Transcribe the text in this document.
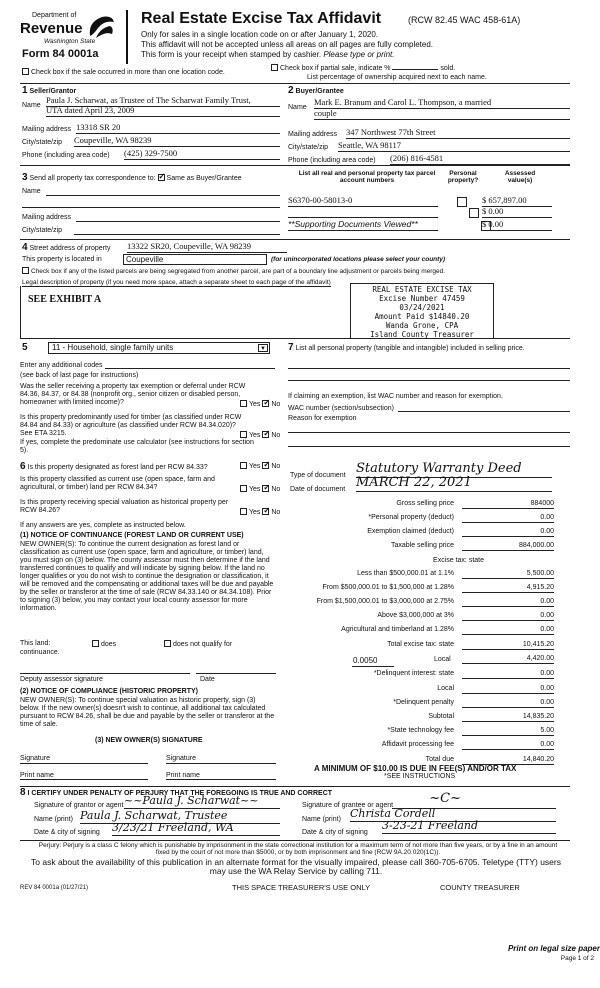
Department of
Revenue
Washington State
Form 84 0001a
Real Estate Excise Tax Affidavit	(RCW 82.45 WAC 458-61A)
Only for sales in a single location code on or after January 1, 2020.
This affidavit will not be accepted unless all areas on all pages are fully completed.
This form is your receipt when stamped by cashier. Please type or print.
Check box if the sale occurred in more than one location code.
Check box if partial sale, indicate %	sold.
List percentage of ownership acquired next to each name.
1 Seller/Grantor
Name
Paula J. Scharwat, as Trustee of The Scharwat Family Trust,
UTA dated April 23, 2009
Mailing address 13318 SR 20
City/state/zip Coupeville, WA 98239
Phone (including area code) (425) 329-7500
2 Buyer/Grantee
Name
Mark E. Branum and Carol L. Thompson, a married
couple
Mailing address 347 Northwest 77th Street
City/state/zip Seattle, WA 98117
Phone (including area code) (206) 816-4581
3 Send all property tax correspondence to: ✓ Same as Buyer/Grantee
Name
Mailing address
City/state/zip
List all real and personal property tax parcel account numbers
Personal property?
Assessed value(s)
S6370-00-58013-0	$ 657,897.00
$ 0.00
**Supporting Documents Viewed**	$ 0.00
4 Street address of property 13322 SR20, Coupeville, WA 98239
This property is located in	Coupeville	(for unincorporated locations please select your county)
Check box if any of the listed parcels are being segregated from another parcel, are part of a boundary line adjustment or parcels being merged.
Legal description of property (if you need more space, attach a separate sheet to each page of the affidavit)
SEE EXHIBIT A
REAL ESTATE EXCISE TAX
Excise Number 47459
03/24/2021
Amount Paid $14840.20
Wanda Grone, CPA
Island County Treasurer
5	11 - Household, single family units	▼
Enter any additional codes
(see back of last page for instructions)
Was the seller receiving a property tax exemption or deferral under RCW 84.36, 84.37, or 84.38 (nonprofit org., senior citizen or disabled person, homeowner with limited income)?	Yes ✓ No
Is this property predominantly used for timber (as classified under RCW 84.84 and 84.33) or agriculture (as classified under RCW 84.34.020)? See ETA 3215.	Yes ✓ No
If yes, complete the predominate use calculator (see instructions for section 5).
6 Is this property designated as forest land per RCW 84.33?	Yes ✓ No
Is this property classified as current use (open space, farm and agricultural, or timber) land per RCW 84.34?	Yes ✓ No
Is this property receiving special valuation as historical property per RCW 84.26?	Yes ✓ No
If any answers are yes, complete as instructed below.
(1) NOTICE OF CONTINUANCE (FOREST LAND OR CURRENT USE)
NEW OWNER(S): To continue the current designation as forest land or classification as current use (open space, farm and agriculture, or timber) land, you must sign on (3) below. The county assessor must then determine if the land transferred continues to qualify and will indicate by signing below. If the land no longer qualifies or you do not wish to continue the designation or classification, it will be removed and the compensating or additional taxes will be due and payable by the seller or transferor at the time of sale (RCW 84.33.140 or 84.34.108). Prior to signing (3) below, you may contact your local county assessor for more information.
This land:	does	does not qualify for
continuance.
Deputy assessor signature	Date
(2) NOTICE OF COMPLIANCE (HISTORIC PROPERTY)
NEW OWNER(S): To continue special valuation as historic property, sign (3) below. If the new owner(s) doesn't wish to continue, all additional tax calculated pursuant to RCW 84.26, shall be due and payable by the seller or transferor at the time of sale.
(3) NEW OWNER(S) SIGNATURE
Signature	Signature
Print name	Print name
7 List all personal property (tangible and intangible) included in selling price.
If claiming an exemption, list WAC number and reason for exemption.
WAC number (section/subsection)
Reason for exemption
Type of document Statutory Warranty Deed
Date of document MARCH 22, 2021
Gross selling price	884000
*Personal property (deduct)	0.00
Exemption claimed (deduct)	0.00
Taxable selling price	884,000.00
Excise tax: state
Less than $500,000.01 at 1.1%	5,500.00
From $500,000.01 to $1,500,000 at 1.28%	4,915.20
From $1,500,000.01 to $3,000,000 at 2.75%	0.00
Above $3,000,000 at 3%	0.00
Agricultural and timberland at 1.28%	0.00
Total excise tax: state	10,415.20
0.0050	Local	4,420.00
*Delinquent interest: state	0.00
Local	0.00
*Delinquent penalty	0.00
Subtotal	14,835.20
*State technology fee	5.00
Affidavit processing fee	0.00
Total due	14,840.20
A MINIMUM OF $10.00 IS DUE IN FEE(S) AND/OR TAX
*SEE INSTRUCTIONS
8 I CERTIFY UNDER PENALTY OF PERJURY THAT THE FOREGOING IS TRUE AND CORRECT
Signature of grantor or agent ~~Paula J. Scharwat~~	Signature of grantee or agent
~C~
Name (print) Paula J. Scharwat, Trustee	Name (print) Christa Cordell
Date & city of signing 3/23/21 Freeland, WA	Date & city of signing
3-23-21 Freeland
Perjury: Perjury is a class C felony which is punishable by imprisonment in the state correctional institution for a maximum term of not more than five years, or by a fine in an amount fixed by the court of not more than $5000, or by both imprisonment and fine (RCW 9A.20.020(1C)).
To ask about the availability of this publication in an alternate format for the visually impaired, please call 360-705-6705. Teletype (TTY) users may use the WA Relay Service by calling 711.
REV 84 0001a (01/27/21)	THIS SPACE TREASURER'S USE ONLY	COUNTY TREASURER
Print on legal size paper
Page 1 of 2
